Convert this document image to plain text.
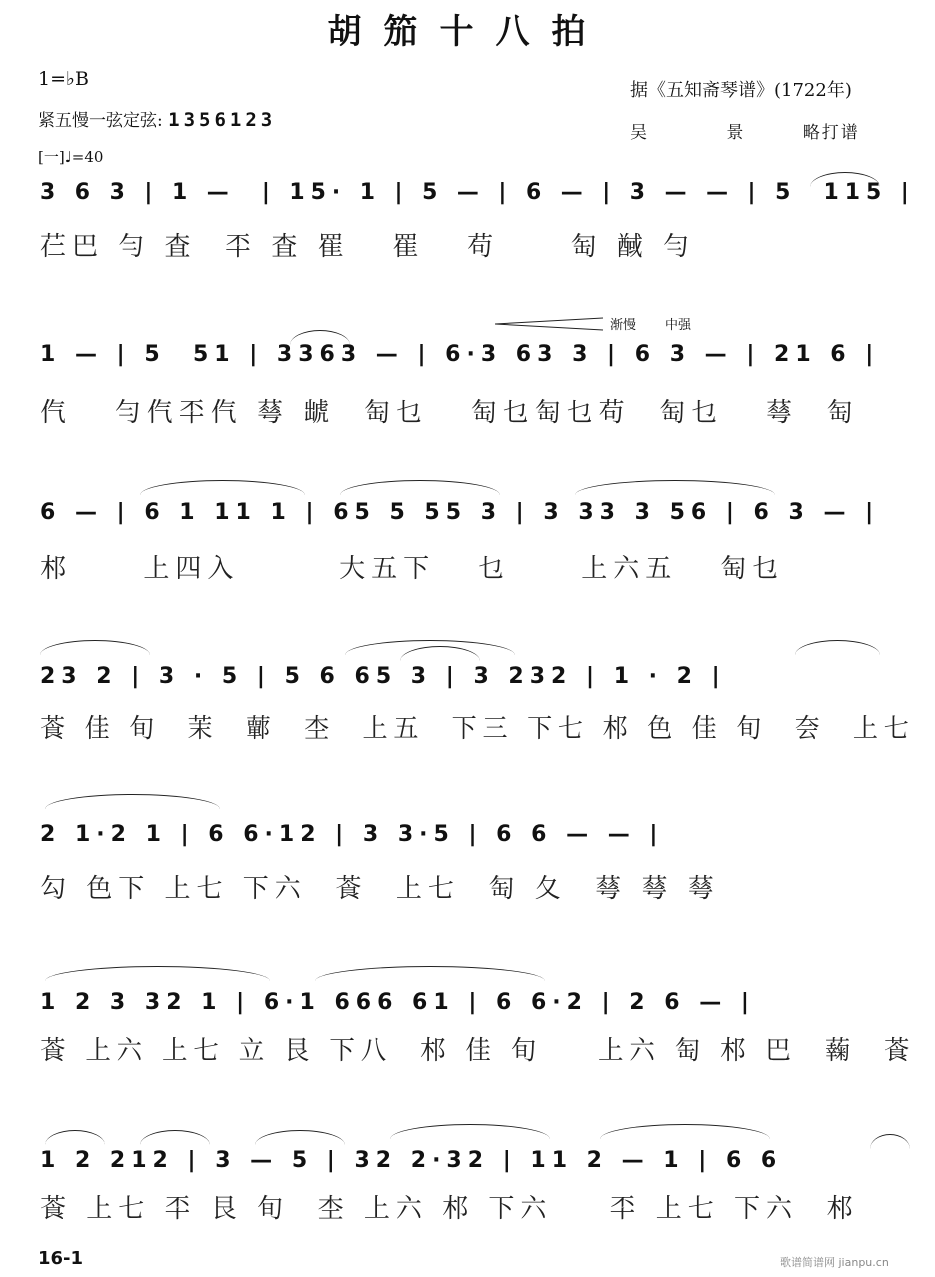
胡笳十八拍
1=♭B
紧五慢一弦定弦: 1356123
[一]♩=40
据《五知斋琴谱》(1722年)
吴	景	略打谱
渐慢 中强
3 6 3 | 1 —  | 15· 1 | 5 — | 6 — | 3 — — | 5  115 |
芢巴 勻 査  㔻 査 䍜   䍜   苟     匋 䤋 勻
1 — | 5  51 | 3363 — | 6·3 63 3 | 6 3 — | 21 6 |
㐹   勻㐹㔻㐹 䔢 䖓  匋乜   匋乜匋乜苟  匋乜   䔢  匋
6 — | 6 1 11 1 | 65 5 55 3 | 3 33 3 56 | 6 3 — |
䢶     上四入       大五下   乜     上六五   匋乜
23 2 | 3 · 5 | 5 6 65 3 | 3 232 | 1 · 2 |
䓹 佳 旬  茉  䕤  杢  上五  下三 下七 䢶 色 佳 旬  夽  上七
2 1·2 1 | 6 6·12 | 3 3·5 | 6 6 — — |
勾 色下 上七 下六  䓹  上七  匋 夂  䔢 䔢 䔢
1 2 3 32 1 | 6·1 666 61 | 6 6·2 | 2 6 — |
䓹 上六 上七 立 艮 下八  䢶 佳 旬    上六 匋 䢶 巴  䕮  䓹
1 2 212 | 3 — 5 | 32 2·32 | 11 2 — 1 | 6 6
䓹 上七 㔻 艮 旬  杢 上六 䢶 下六    㔻 上七 下六  䢶
16-1	歌谱简谱网 jianpu.cn
